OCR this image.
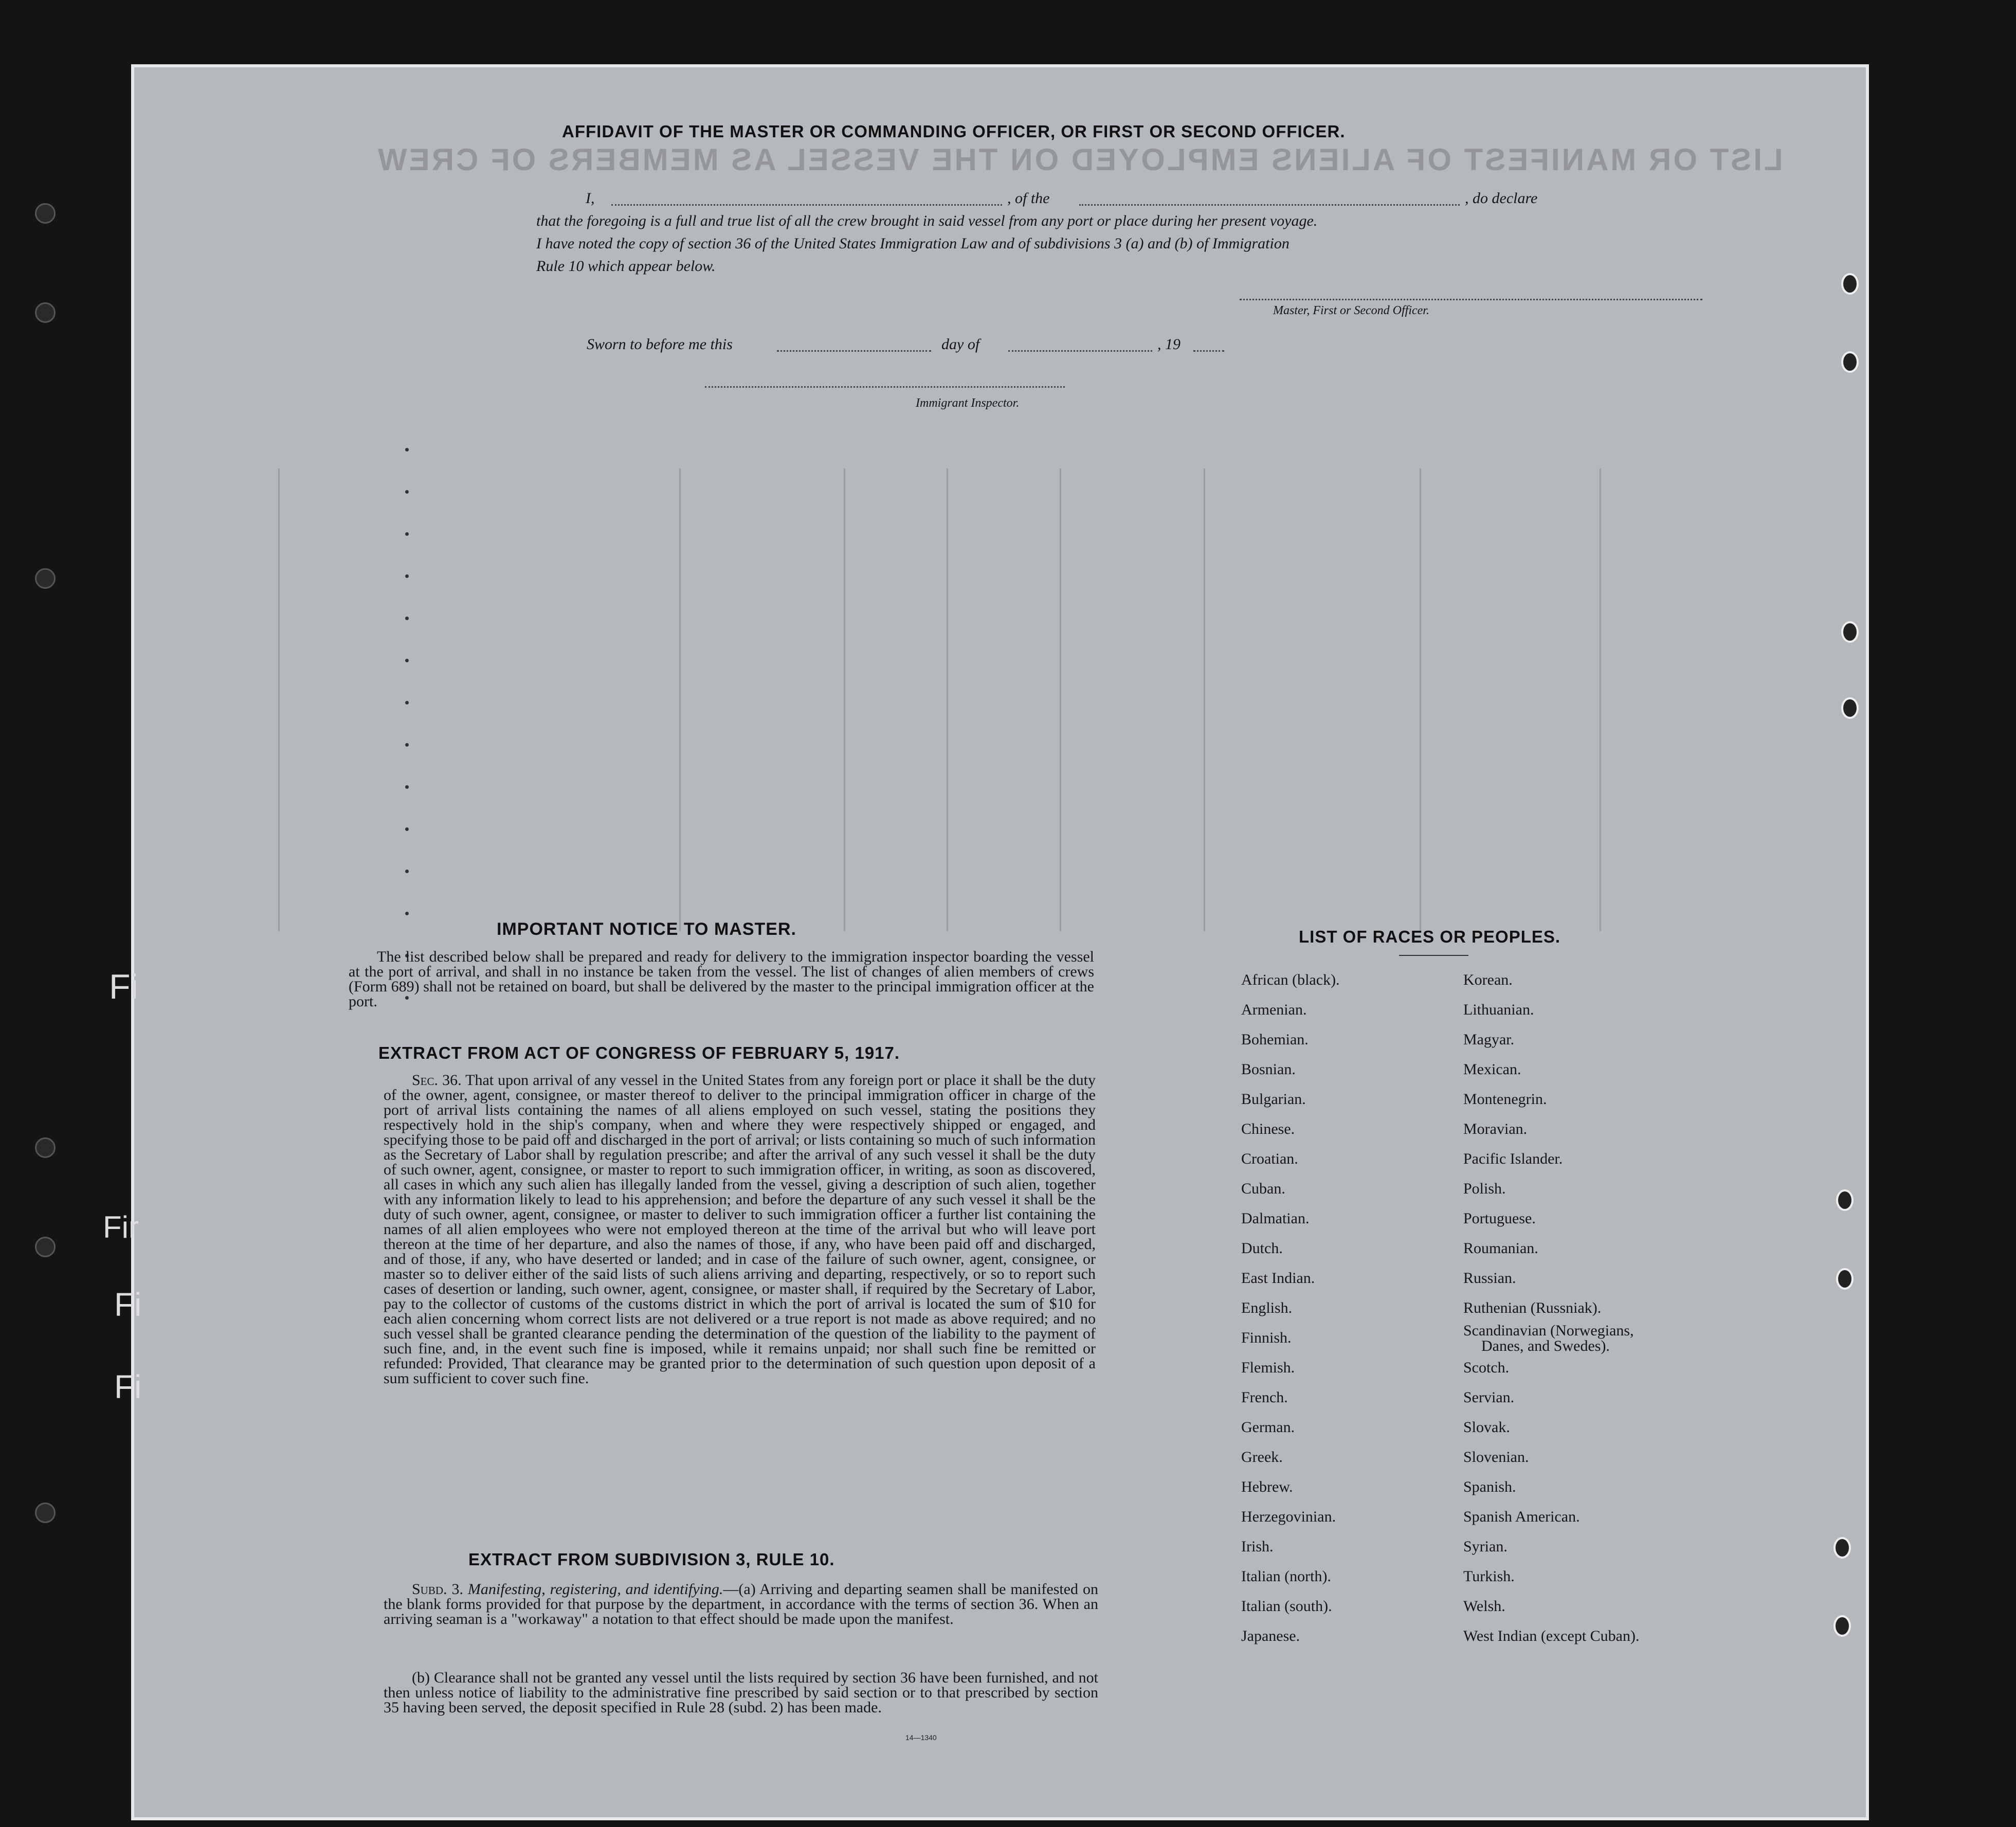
LIST OR MANIFEST OF ALIENS EMPLOYED ON THE VESSEL AS MEMBERS OF CREW
AFFIDAVIT OF THE MASTER OR COMMANDING OFFICER, OR FIRST OR SECOND OFFICER.
I,	, of the	, do declare
that the foregoing is a full and true list of all the crew brought in said vessel from any port or place during her present voyage.
I have noted the copy of section 36 of the United States Immigration Law and of subdivisions 3 (a) and (b) of Immigration
Rule 10 which appear below.
Master, First or Second Officer.
Sworn to before me this	day of	, 19
Immigrant Inspector.
IMPORTANT NOTICE TO MASTER.
The list described below shall be prepared and ready for delivery to the immigration inspector boarding the vessel at the port of arrival, and shall in no instance be taken from the vessel. The list of changes of alien members of crews (Form 689) shall not be retained on board, but shall be delivered by the master to the principal immigration officer at the port.
EXTRACT FROM ACT OF CONGRESS OF FEBRUARY 5, 1917.
Sec. 36. That upon arrival of any vessel in the United States from any foreign port or place it shall be the duty of the owner, agent, consignee, or master thereof to deliver to the principal immigration officer in charge of the port of arrival lists containing the names of all aliens employed on such vessel, stating the positions they respectively hold in the ship's company, when and where they were respectively shipped or engaged, and specifying those to be paid off and discharged in the port of arrival; or lists containing so much of such information as the Secretary of Labor shall by regulation prescribe; and after the arrival of any such vessel it shall be the duty of such owner, agent, consignee, or master to report to such immigration officer, in writing, as soon as discovered, all cases in which any such alien has illegally landed from the vessel, giving a description of such alien, together with any information likely to lead to his apprehension; and before the departure of any such vessel it shall be the duty of such owner, agent, consignee, or master to deliver to such immigration officer a further list containing the names of all alien employees who were not employed thereon at the time of the arrival but who will leave port thereon at the time of her departure, and also the names of those, if any, who have been paid off and discharged, and of those, if any, who have deserted or landed; and in case of the failure of such owner, agent, consignee, or master so to deliver either of the said lists of such aliens arriving and departing, respectively, or so to report such cases of desertion or landing, such owner, agent, consignee, or master shall, if required by the Secretary of Labor, pay to the collector of customs of the customs district in which the port of arrival is located the sum of $10 for each alien concerning whom correct lists are not delivered or a true report is not made as above required; and no such vessel shall be granted clearance pending the determination of the question of the liability to the payment of such fine, and, in the event such fine is imposed, while it remains unpaid; nor shall such fine be remitted or refunded: Provided, That clearance may be granted prior to the determination of such question upon deposit of a sum sufficient to cover such fine.
EXTRACT FROM SUBDIVISION 3, RULE 10.
Subd. 3. Manifesting, registering, and identifying.—(a) Arriving and departing seamen shall be manifested on the blank forms provided for that purpose by the department, in accordance with the terms of section 36. When an arriving seaman is a "workaway" a notation to that effect should be made upon the manifest.
(b) Clearance shall not be granted any vessel until the lists required by section 36 have been furnished, and not then unless notice of liability to the administrative fine prescribed by said section or to that prescribed by section 35 having been served, the deposit specified in Rule 28 (subd. 2) has been made.
14—1340
LIST OF RACES OR PEOPLES.
African (black).
Armenian.
Bohemian.
Bosnian.
Bulgarian.
Chinese.
Croatian.
Cuban.
Dalmatian.
Dutch.
East Indian.
English.
Finnish.
Flemish.
French.
German.
Greek.
Hebrew.
Herzegovinian.
Irish.
Italian (north).
Italian (south).
Japanese.
Korean.
Lithuanian.
Magyar.
Mexican.
Montenegrin.
Moravian.
Pacific Islander.
Polish.
Portuguese.
Roumanian.
Russian.
Ruthenian (Russniak).
Scandinavian (Norwegians,
Danes, and Swedes).
Scotch.
Servian.
Slovak.
Slovenian.
Spanish.
Spanish American.
Syrian.
Turkish.
Welsh.
West Indian (except Cuban).
Fi
Fir
Fi
Fi
